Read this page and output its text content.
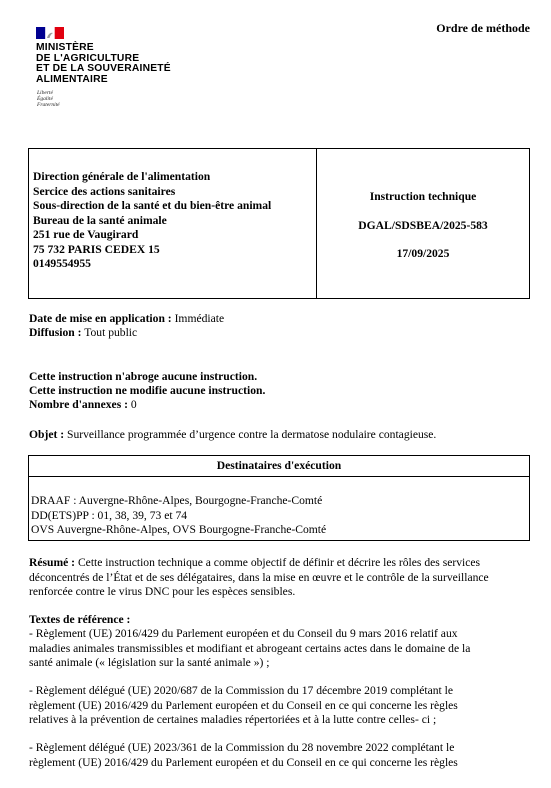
MINISTÈRE
DE L'AGRICULTURE
ET DE LA SOUVERAINETÉ
ALIMENTAIRE
Liberté
Égalité
Fraternité
Ordre de méthode
Direction générale de l'alimentation
Sercice des actions sanitaires
Sous-direction de la santé et du bien-être animal
Bureau de la santé animale
251 rue de Vaugirard
75 732 PARIS CEDEX 15
0149554955
Instruction technique
DGAL/SDSBEA/2025-583
17/09/2025
Date de mise en application : Immédiate
Diffusion : Tout public
Cette instruction n'abroge aucune instruction.
Cette instruction ne modifie aucune instruction.
Nombre d'annexes : 0
Objet : Surveillance programmée d’urgence contre la dermatose nodulaire contagieuse.
Destinataires d'exécution
DRAAF : Auvergne-Rhône-Alpes, Bourgogne-Franche-Comté
DD(ETS)PP : 01, 38, 39, 73 et 74
OVS Auvergne-Rhône-Alpes, OVS Bourgogne-Franche-Comté
Résumé : Cette instruction technique a comme objectif de définir et décrire les rôles des services
déconcentrés de l’État et de ses délégataires, dans la mise en œuvre et le contrôle de la surveillance
renforcée contre le virus DNC pour les espèces sensibles.
Textes de référence :
- Règlement (UE) 2016/429 du Parlement européen et du Conseil du 9 mars 2016 relatif aux
maladies animales transmissibles et modifiant et abrogeant certains actes dans le domaine de la
santé animale (« législation sur la santé animale ») ;
- Règlement délégué (UE) 2020/687 de la Commission du 17 décembre 2019 complétant le
règlement (UE) 2016/429 du Parlement européen et du Conseil en ce qui concerne les règles
relatives à la prévention de certaines maladies répertoriées et à la lutte contre celles- ci ;
- Règlement délégué (UE) 2023/361 de la Commission du 28 novembre 2022 complétant le
règlement (UE) 2016/429 du Parlement européen et du Conseil en ce qui concerne les règles
